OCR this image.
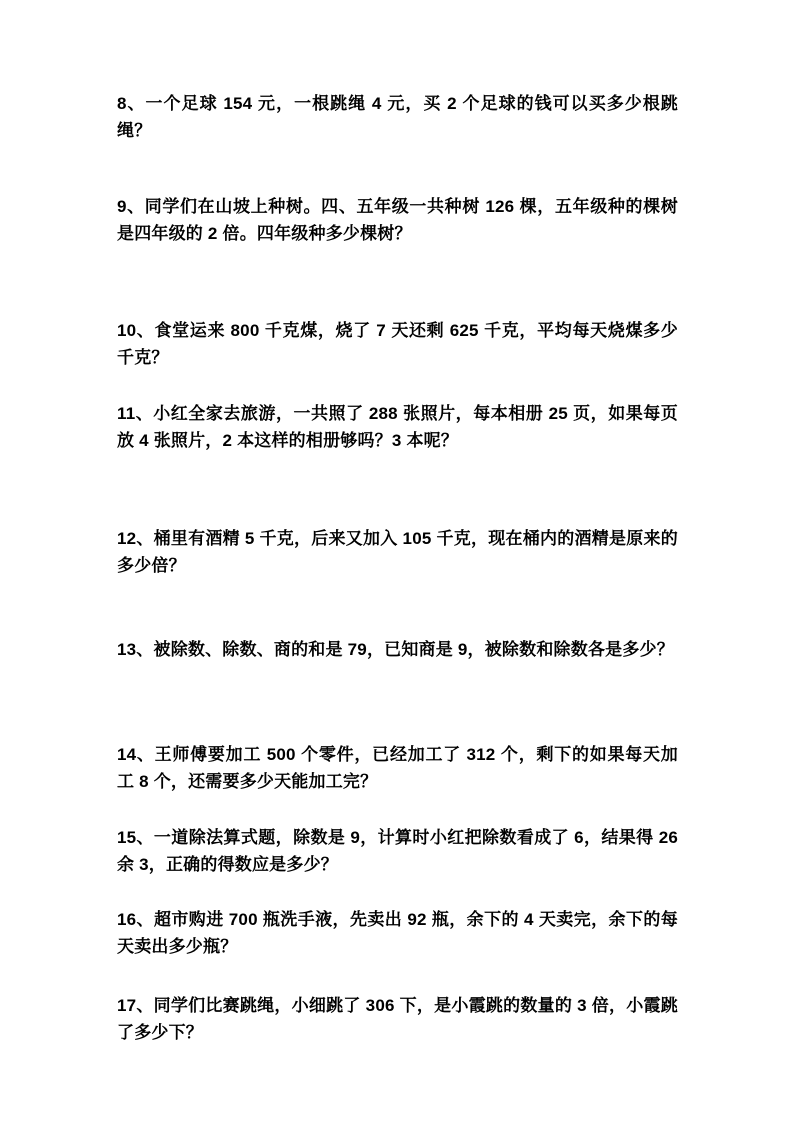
8、一个足球 154 元，一根跳绳 4 元，买 2 个足球的钱可以买多少根跳绳？

9、同学们在山坡上种树。四、五年级一共种树 126 棵，五年级种的棵树是四年级的 2 倍。四年级种多少棵树？

10、食堂运来 800 千克煤，烧了 7 天还剩 625 千克，平均每天烧煤多少千克？

11、小红全家去旅游，一共照了 288 张照片，每本相册 25 页，如果每页放 4 张照片，2 本这样的相册够吗？3 本呢？

12、桶里有酒精 5 千克，后来又加入 105 千克，现在桶内的酒精是原来的多少倍？

13、被除数、除数、商的和是 79，已知商是 9，被除数和除数各是多少？

14、王师傅要加工 500 个零件，已经加工了 312 个，剩下的如果每天加工 8 个，还需要多少天能加工完？

15、一道除法算式题，除数是 9，计算时小红把除数看成了 6，结果得 26 余 3，正确的得数应是多少？

16、超市购进 700 瓶洗手液，先卖出 92 瓶，余下的 4 天卖完，余下的每天卖出多少瓶？

17、同学们比赛跳绳，小细跳了 306 下，是小霞跳的数量的 3 倍，小霞跳了多少下？
